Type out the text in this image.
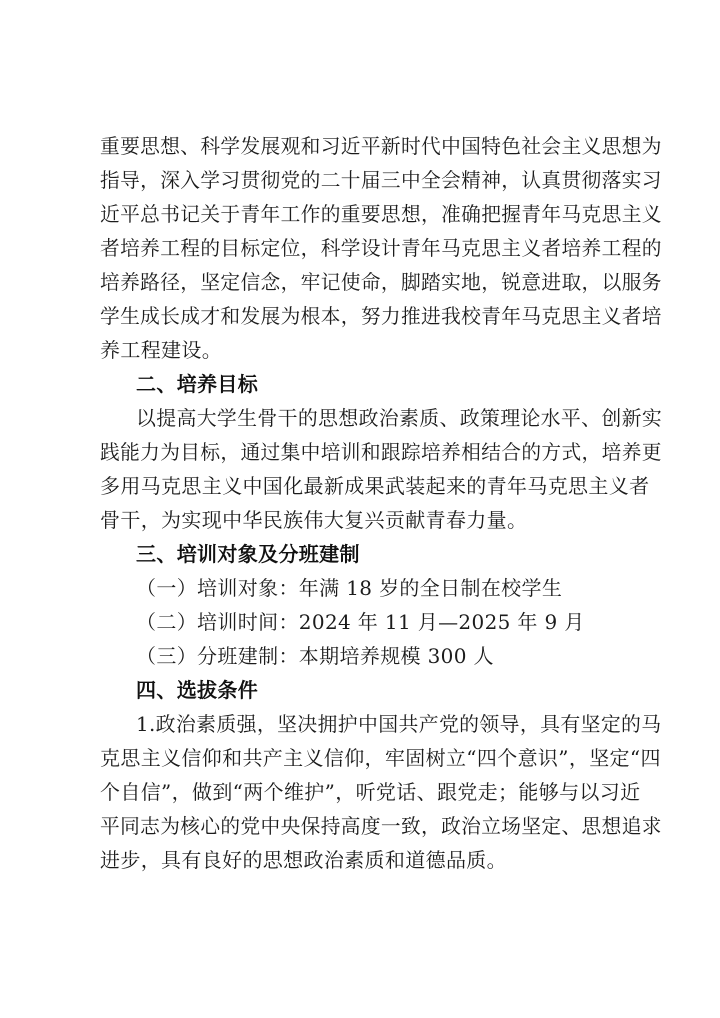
重要思想、科学发展观和习近平新时代中国特色社会主义思想为
指导，深入学习贯彻党的二十届三中全会精神，认真贯彻落实习
近平总书记关于青年工作的重要思想，准确把握青年马克思主义
者培养工程的目标定位，科学设计青年马克思主义者培养工程的
培养路径，坚定信念，牢记使命，脚踏实地，锐意进取，以服务
学生成长成才和发展为根本，努力推进我校青年马克思主义者培
养工程建设。
二、培养目标
以提高大学生骨干的思想政治素质、政策理论水平、创新实
践能力为目标，通过集中培训和跟踪培养相结合的方式，培养更
多用马克思主义中国化最新成果武装起来的青年马克思主义者
骨干，为实现中华民族伟大复兴贡献青春力量。
三、培训对象及分班建制
（一）培训对象：年满 18 岁的全日制在校学生
（二）培训时间：2024 年 11 月—2025 年 9 月
（三）分班建制：本期培养规模 300 人
四、选拔条件
1.政治素质强，坚决拥护中国共产党的领导，具有坚定的马
克思主义信仰和共产主义信仰，牢固树立“四个意识”，坚定“四
个自信”，做到“两个维护”，听党话、跟党走；能够与以习近
平同志为核心的党中央保持高度一致，政治立场坚定、思想追求
进步，具有良好的思想政治素质和道德品质。
